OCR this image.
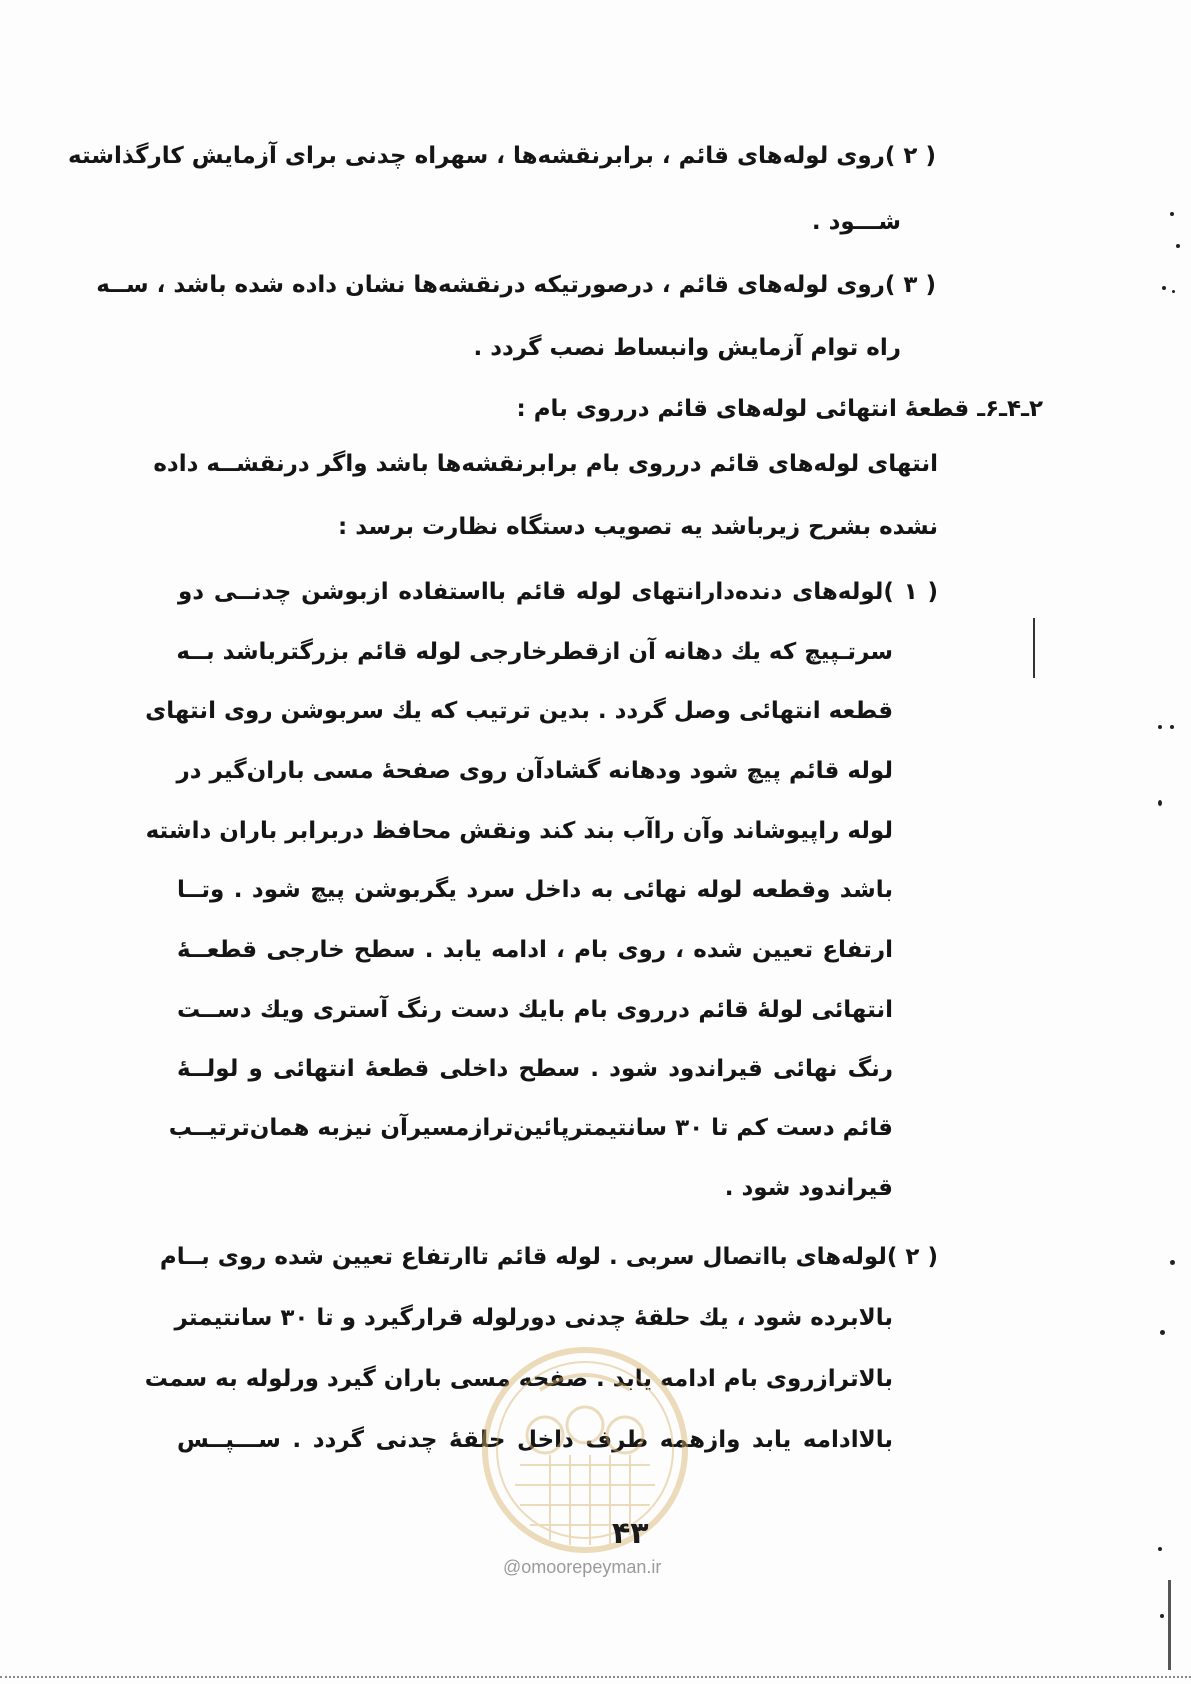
( ۲ )روی لوله‌های قائم ، برابرنقشه‌ها ، سهراه چدنی برای آزمایش کارگذاشته
شـــود .
( ۳ )روی لوله‌های قائم ، درصورتیکه درنقشه‌ها نشان داده شده باشد ، ســه
راه توام آزمایش وانبساط نصب گردد .
۲ـ۴ـ۶ـ قطعه‌ٔ انتهائی لوله‌های قائم درروی بام :
انتهای لوله‌های قائم درروی بام برابرنقشه‌ها باشد واگر درنقشــه داده
نشده بشرح زیرباشد یه تصویب دستگاه نظارت برسد :
( ۱ )لوله‌های دنده‌دارانتهای لوله قائم بااستفاده ازبوشن چدنــی دو
سرتـپیچ که یك دهانه آن ازقطرخارجی لوله قائم بزرگترباشد بــه
قطعه انتهائی وصل گردد . بدین ترتیب که یك سربوشن روی انتهای
لوله قائم پیچ شود ودهانه گشادآن روی صفحهٔ مسی باران‌گیر در
لوله راپیوشاند وآن راآب بند کند ونقش محافظ دربرابر باران داشته
باشد وقطعه لوله نهائی به داخل سرد یگربوشن پیچ شود . وتــا
ارتفاع تعیین شده ، روی بام ، ادامه یابد . سطح خارجی قطعــهٔ
انتهائی لولهٔ قائم درروی بام بایك دست رنگ آستری ویك دســت
رنگ نهائی قیراندود شود . سطح داخلی قطعهٔ انتهائی و لولــهٔ
قائم دست کم تا ۳۰ سانتیمترپائین‌ترازمسیرآن نیزبه همان‌ترتیــب
قیراندود شود .
( ۲ )لوله‌های بااتصال سربی . لوله قائم تاارتفاع تعیین شده روی بــام
بالابرده شود ، یك حلقهٔ چدنی دورلوله قرارگیرد و تا ۳۰ سانتیمتر
بالاترازروی بام ادامه یابد . صفحه مسی باران گیرد ورلوله به سمت
بالاادامه یابد وازهمه طرف داخل حلقهٔ چدنی گردد . ســـپــس
۴۳
@omoorepeyman.ir
